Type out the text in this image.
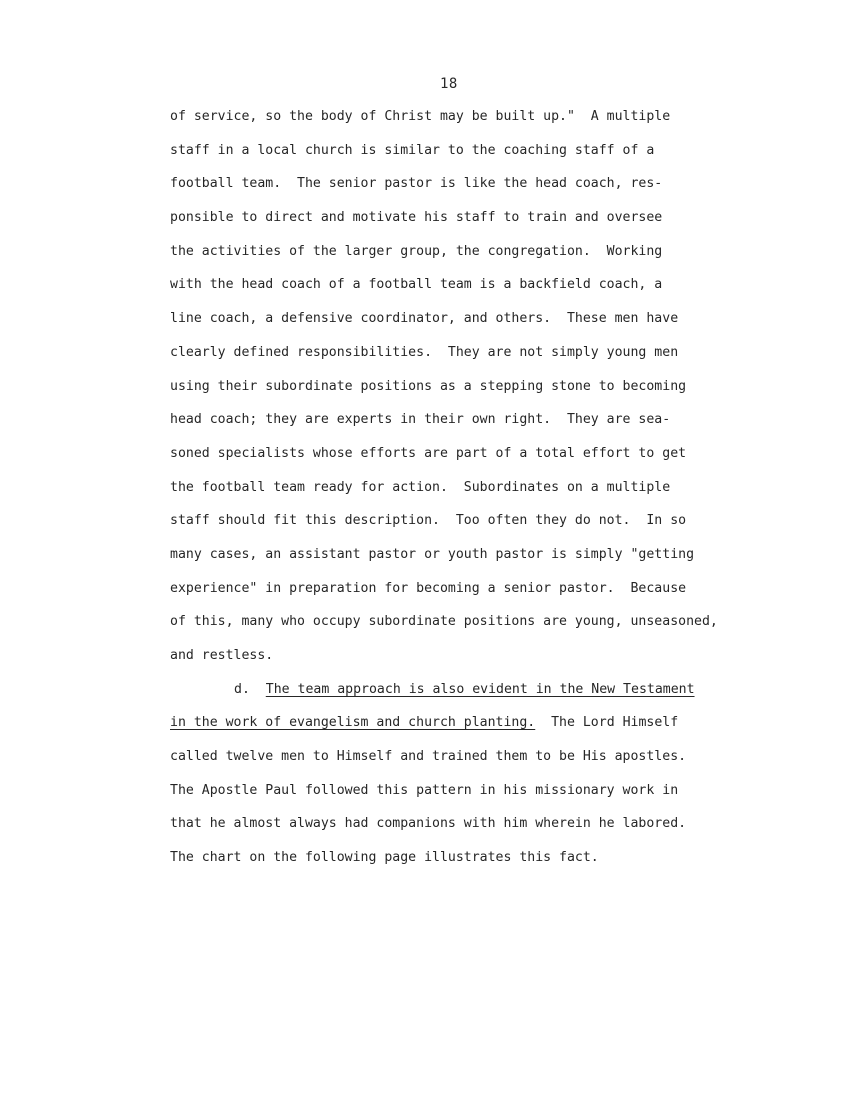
18
of service, so the body of Christ may be built up."  A multiple
staff in a local church is similar to the coaching staff of a
football team.  The senior pastor is like the head coach, res-
ponsible to direct and motivate his staff to train and oversee
the activities of the larger group, the congregation.  Working
with the head coach of a football team is a backfield coach, a
line coach, a defensive coordinator, and others.  These men have
clearly defined responsibilities.  They are not simply young men
using their subordinate positions as a stepping stone to becoming
head coach; they are experts in their own right.  They are sea-
soned specialists whose efforts are part of a total effort to get
the football team ready for action.  Subordinates on a multiple
staff should fit this description.  Too often they do not.  In so
many cases, an assistant pastor or youth pastor is simply "getting
experience" in preparation for becoming a senior pastor.  Because
of this, many who occupy subordinate positions are young, unseasoned,
and restless.
d. The team approach is also evident in the New Testament
in the work of evangelism and church planting.  The Lord Himself
called twelve men to Himself and trained them to be His apostles.
The Apostle Paul followed this pattern in his missionary work in
that he almost always had companions with him wherein he labored.
The chart on the following page illustrates this fact.
